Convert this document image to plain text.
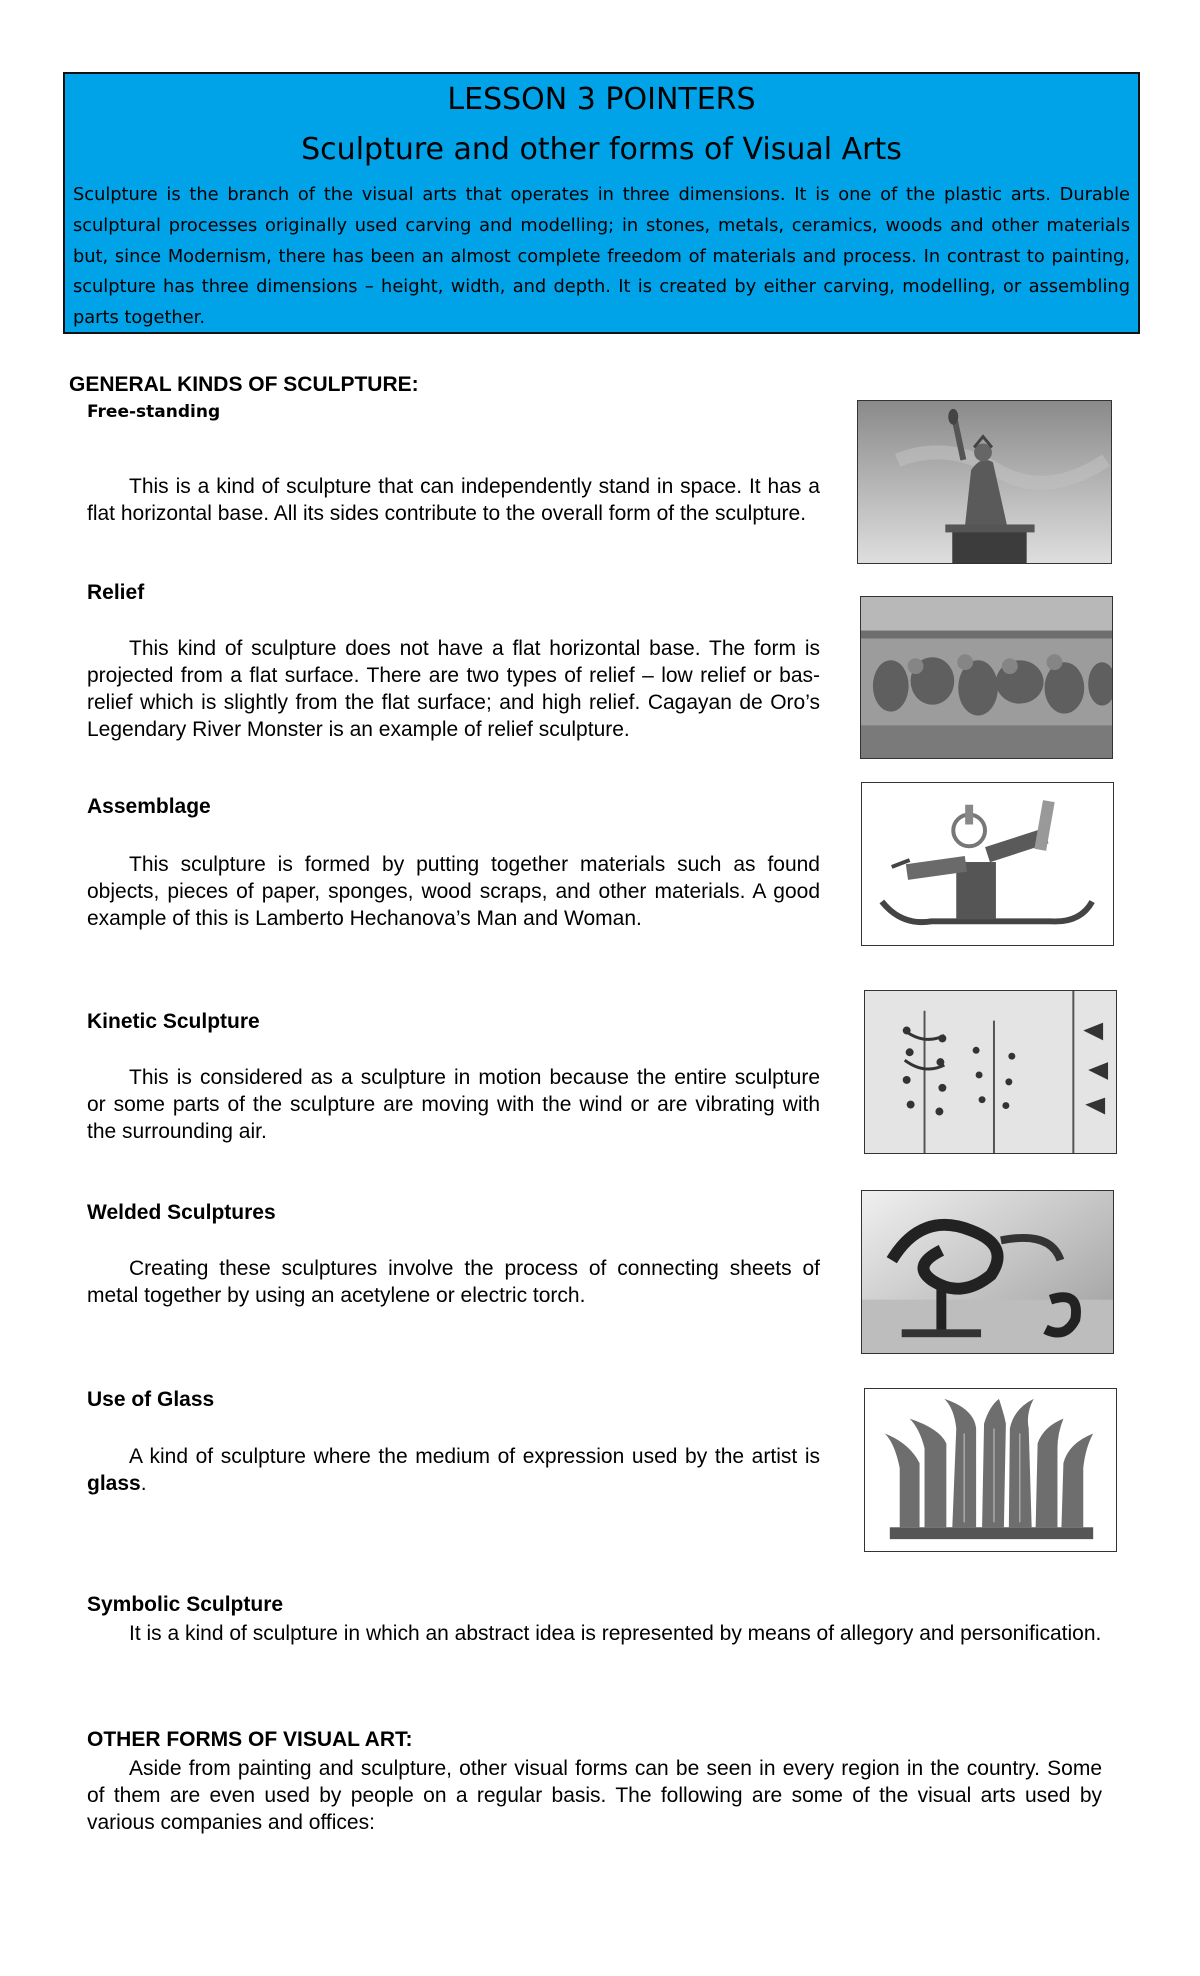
LESSON 3 POINTERS
Sculpture and other forms of Visual Arts
Sculpture is the branch of the visual arts that operates in three dimensions. It is one of the plastic arts. Durable sculptural processes originally used carving and modelling; in stones, metals, ceramics, woods and other materials but, since Modernism, there has been an almost complete freedom of materials and process. In contrast to painting, sculpture has three dimensions – height, width, and depth. It is created by either carving, modelling, or assembling parts together.
GENERAL KINDS OF SCULPTURE:
Free-standing
This is a kind of sculpture that can independently stand in space. It has a flat horizontal base. All its sides contribute to the overall form of the sculpture.
Relief
This kind of sculpture does not have a flat horizontal base. The form is projected from a flat surface. There are two types of relief – low relief or bas-relief which is slightly from the flat surface; and high relief. Cagayan de Oro’s Legendary River Monster is an example of relief sculpture.
Assemblage
This sculpture is formed by putting together materials such as found objects, pieces of paper, sponges, wood scraps, and other materials. A good example of this is Lamberto Hechanova’s Man and Woman.
Kinetic Sculpture
This is considered as a sculpture in motion because the entire sculpture or some parts of the sculpture are moving with the wind or are vibrating with the surrounding air.
Welded Sculptures
Creating these sculptures involve the process of connecting sheets of metal together by using an acetylene or electric torch.
Use of Glass
A kind of sculpture where the medium of expression used by the artist is glass.
Symbolic Sculpture
It is a kind of sculpture in which an abstract idea is represented by means of allegory and personification.
OTHER FORMS OF VISUAL ART:
Aside from painting and sculpture, other visual forms can be seen in every region in the country. Some of them are even used by people on a regular basis. The following are some of the visual arts used by various companies and offices:
